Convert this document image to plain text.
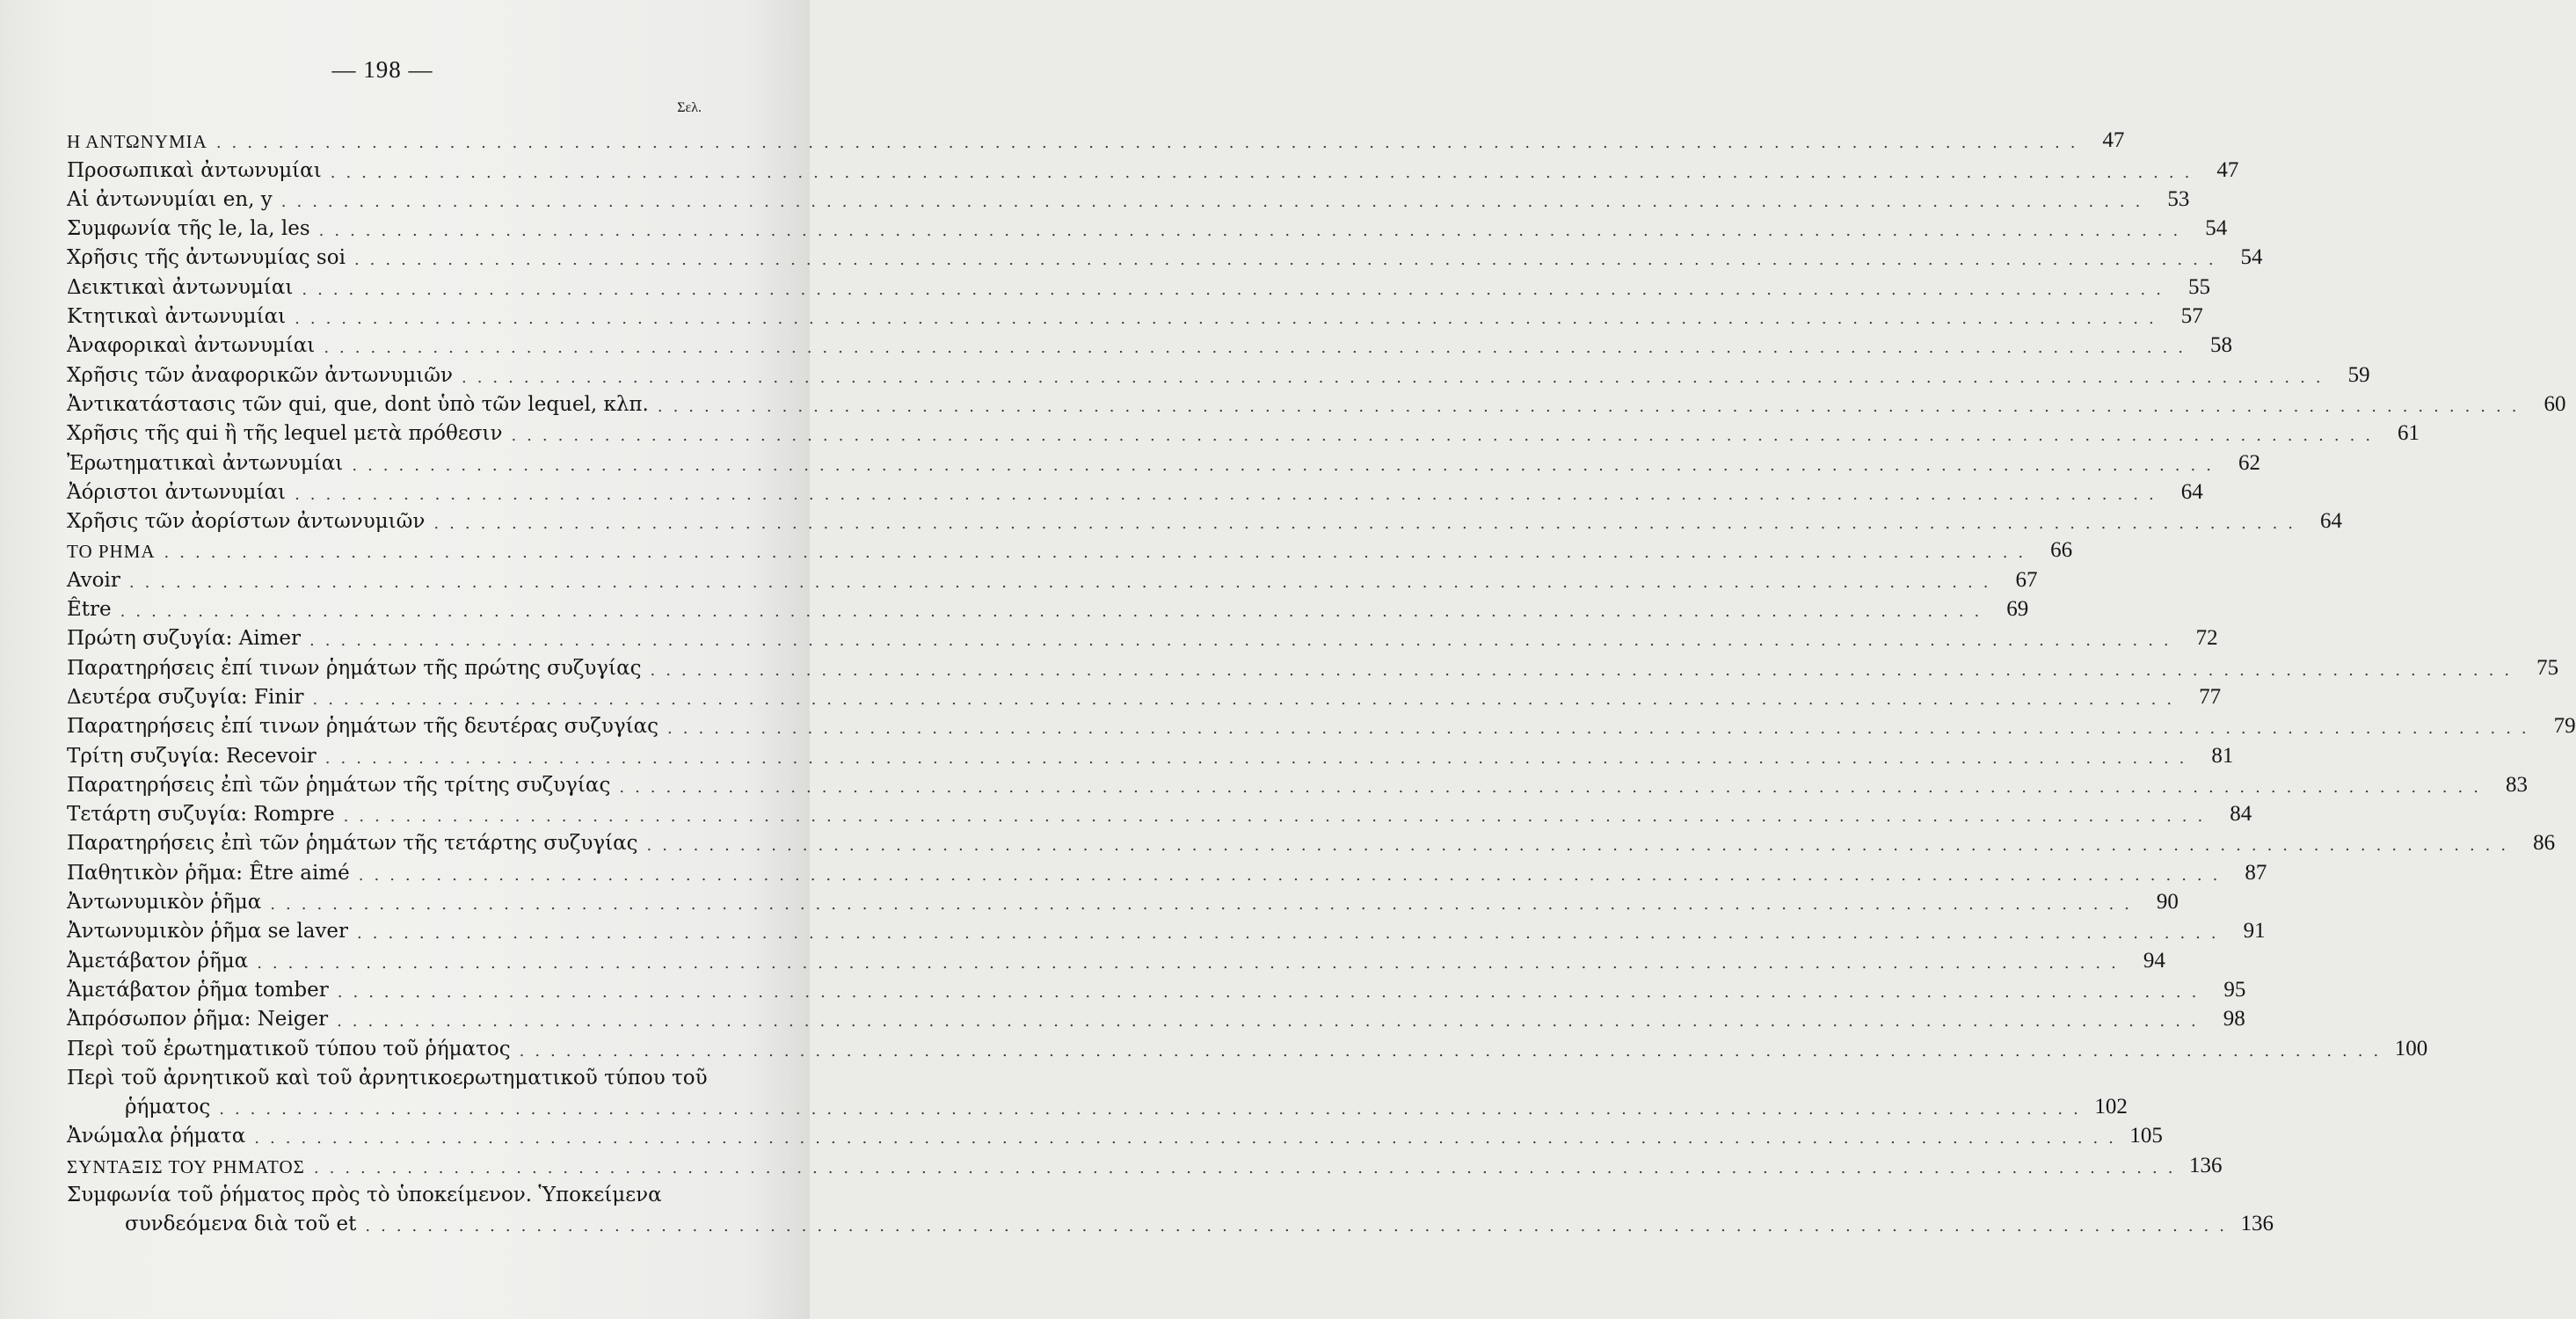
— 198 —
Σελ.
Η ΑΝΤΩΝΥΜΙΑ .....	47
Προσωπικαὶ ἀντωνυμίαι .....	47
Αἱ ἀντωνυμίαι en, y .....	53
Συμφωνία τῆς le, la, les .....	54
Χρῆσις τῆς ἀντωνυμίας soi .....	54
Δεικτικαὶ ἀντωνυμίαι .....	55
Κτητικαὶ ἀντωνυμίαι .....	57
Ἀναφορικαὶ ἀντωνυμίαι .....	58
Χρῆσις τῶν ἀναφορικῶν ἀντωνυμιῶν .....	59
Ἀντικατάστασις τῶν qui, que, dont ὑπὸ τῶν lequel, κλπ. .....	60
Χρῆσις τῆς qui ἢ τῆς lequel μετὰ πρόθεσιν .....	61
Ἐρωτηματικαὶ ἀντωνυμίαι .....	62
Ἀόριστοι ἀντωνυμίαι .....	64
Χρῆσις τῶν ἀορίστων ἀντωνυμιῶν .....	64
ΤΟ ΡΗΜΑ .....	66
Avoir .....	67
Être .....	69
Πρώτη συζυγία: Aimer .....	72
Παρατηρήσεις ἐπί τινων ῥημάτων τῆς πρώτης συζυγίας .....	75
Δευτέρα συζυγία: Finir .....	77
Παρατηρήσεις ἐπί τινων ῥημάτων τῆς δευτέρας συζυγίας .....	79
Τρίτη συζυγία: Recevoir .....	81
Παρατηρήσεις ἐπὶ τῶν ῥημάτων τῆς τρίτης συζυγίας .....	83
Τετάρτη συζυγία: Rompre .....	84
Παρατηρήσεις ἐπὶ τῶν ῥημάτων τῆς τετάρτης συζυγίας .....	86
Παθητικὸν ῥῆμα: Être aimé .....	87
Ἀντωνυμικὸν ῥῆμα .....	90
Ἀντωνυμικὸν ῥῆμα se laver .....	91
Ἀμετάβατον ῥῆμα .....	94
Ἀμετάβατον ῥῆμα tomber .....	95
Ἀπρόσωπον ῥῆμα: Neiger .....	98
Περὶ τοῦ ἐρωτηματικοῦ τύπου τοῦ ῥήματος .....	100
Περὶ τοῦ ἀρνητικοῦ καὶ τοῦ ἀρνητικοερωτηματικοῦ τύπου τοῦ
ῥήματος .....	102
Ἀνώμαλα ῥήματα .....	105
ΣΥΝΤΑΞΙΣ ΤΟΥ ΡΗΜΑΤΟΣ .....	136
Συμφωνία τοῦ ῥήματος πρὸς τὸ ὑποκείμενον. Ὑποκείμενα
συνδεόμενα διὰ τοῦ et .....	136
